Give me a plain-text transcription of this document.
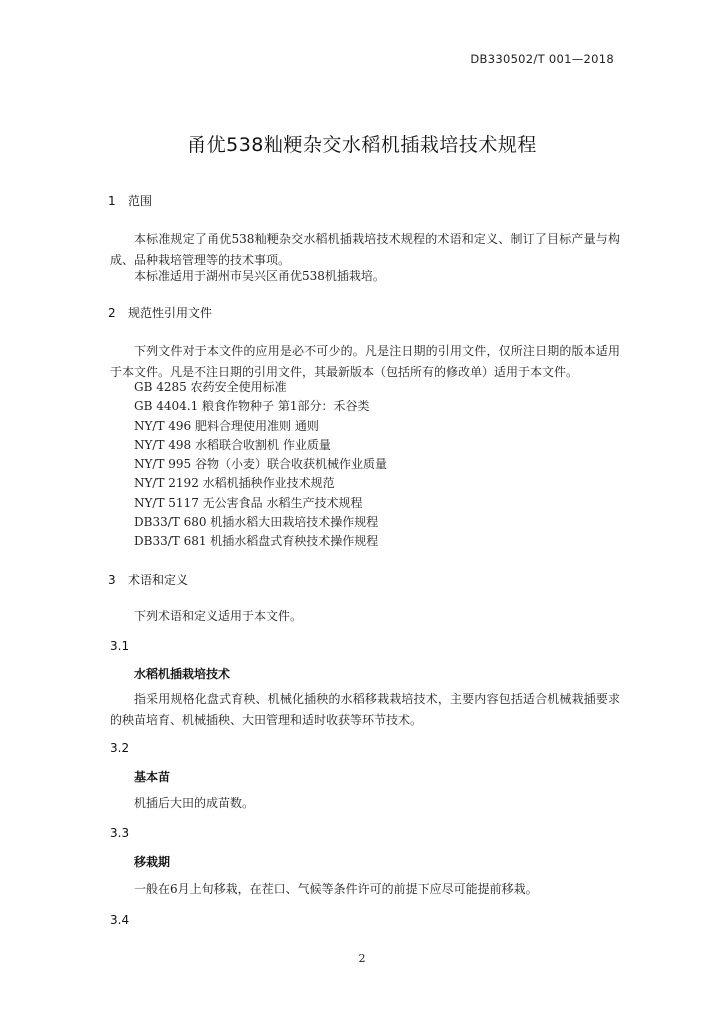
DB330502/T 001—2018
甬优538籼粳杂交水稻机插栽培技术规程
1 范围
本标准规定了甬优538籼粳杂交水稻机插栽培技术规程的术语和定义、制订了目标产量与构成、品种栽培管理等的技术事项。
本标准适用于湖州市吴兴区甬优538机插栽培。
2 规范性引用文件
下列文件对于本文件的应用是必不可少的。凡是注日期的引用文件，仅所注日期的版本适用于本文件。凡是不注日期的引用文件，其最新版本（包括所有的修改单）适用于本文件。
GB 4285 农药安全使用标准
GB 4404.1 粮食作物种子 第1部分：禾谷类
NY/T 496 肥料合理使用准则 通则
NY/T 498 水稻联合收割机 作业质量
NY/T 995 谷物（小麦）联合收获机械作业质量
NY/T 2192 水稻机插秧作业技术规范
NY/T 5117 无公害食品 水稻生产技术规程
DB33/T 680 机插水稻大田栽培技术操作规程
DB33/T 681 机插水稻盘式育秧技术操作规程
3 术语和定义
下列术语和定义适用于本文件。
3.1
水稻机插栽培技术
指采用规格化盘式育秧、机械化插秧的水稻移栽栽培技术，主要内容包括适合机械栽插要求的秧苗培育、机械插秧、大田管理和适时收获等环节技术。
3.2
基本苗
机插后大田的成苗数。
3.3
移栽期
一般在6月上旬移栽，在茬口、气候等条件许可的前提下应尽可能提前移栽。
3.4
2
